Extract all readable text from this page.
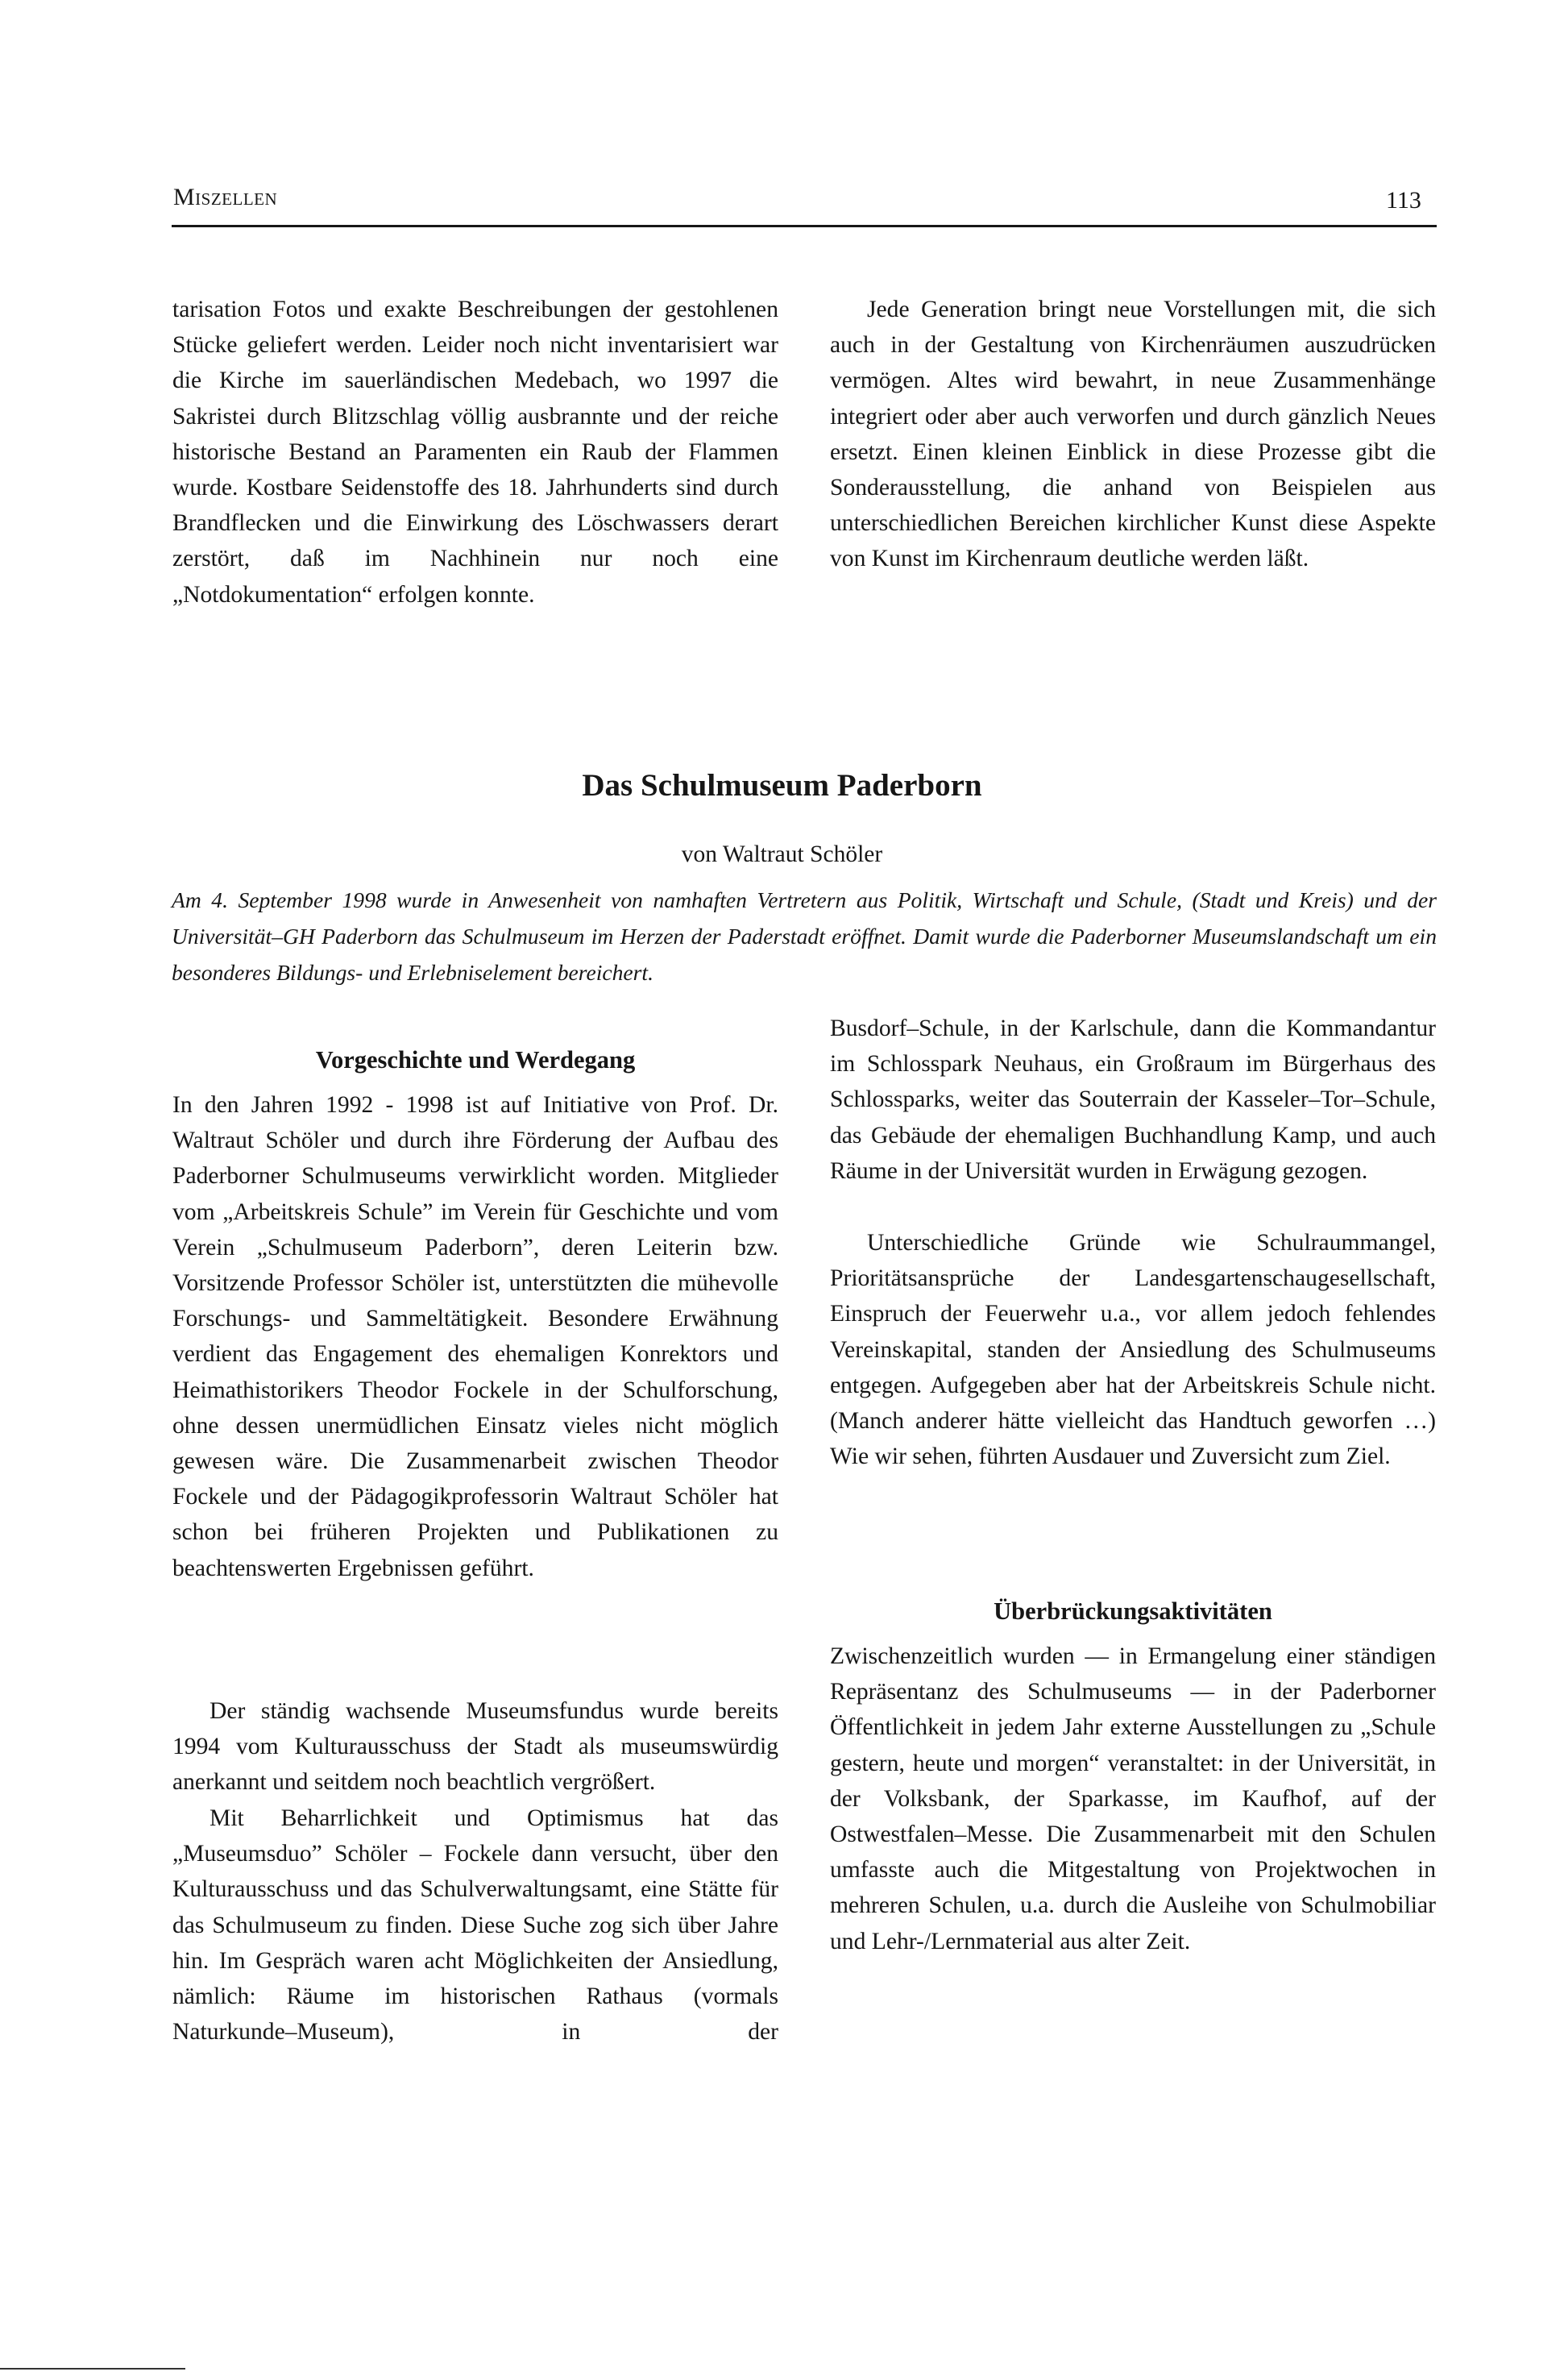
Miszellen	113

tarisation Fotos und exakte Beschreibungen der gestohlenen Stücke geliefert werden. Leider noch nicht inventarisiert war die Kirche im sauerländischen Medebach, wo 1997 die Sakristei durch Blitzschlag völlig ausbrannte und der reiche historische Bestand an Paramenten ein Raub der Flammen wurde. Kostbare Seidenstoffe des 18. Jahrhunderts sind durch Brandflecken und die Einwirkung des Löschwassers derart zerstört, daß im Nachhinein nur noch eine „Notdokumentation“ erfolgen konnte.

Jede Generation bringt neue Vorstellungen mit, die sich auch in der Gestaltung von Kirchenräumen auszudrücken vermögen. Altes wird bewahrt, in neue Zusammenhänge integriert oder aber auch verworfen und durch gänzlich Neues ersetzt. Einen kleinen Einblick in diese Prozesse gibt die Sonderausstellung, die anhand von Beispielen aus unterschiedlichen Bereichen kirchlicher Kunst diese Aspekte von Kunst im Kirchenraum deutliche werden läßt.

Das Schulmuseum Paderborn
von Waltraut Schöler

Am 4. September 1998 wurde in Anwesenheit von namhaften Vertretern aus Politik, Wirtschaft und Schule, (Stadt und Kreis) und der Universität–GH Paderborn das Schulmuseum im Herzen der Paderstadt eröffnet. Damit wurde die Paderborner Museumslandschaft um ein besonderes Bildungs- und Erlebniselement bereichert.

Vorgeschichte und Werdegang

In den Jahren 1992 - 1998 ist auf Initiative von Prof. Dr. Waltraut Schöler und durch ihre Förderung der Aufbau des Paderborner Schulmuseums verwirklicht worden. Mitglieder vom „Arbeitskreis Schule” im Verein für Geschichte und vom Verein „Schulmuseum Paderborn”, deren Leiterin bzw. Vorsitzende Professor Schöler ist, unterstützten die mühevolle Forschungs- und Sammeltätigkeit. Besondere Erwähnung verdient das Engagement des ehemaligen Konrektors und Heimathistorikers Theodor Fockele in der Schulforschung, ohne dessen unermüdlichen Einsatz vieles nicht möglich gewesen wäre. Die Zusammenarbeit zwischen Theodor Fockele und der Pädagogikprofessorin Waltraut Schöler hat schon bei früheren Projekten und Publikationen zu beachtenswerten Ergebnissen geführt.

Der ständig wachsende Museumsfundus wurde bereits 1994 vom Kulturausschuss der Stadt als museumswürdig anerkannt und seitdem noch beachtlich vergrößert.

Mit Beharrlichkeit und Optimismus hat das „Museumsduo” Schöler – Fockele dann versucht, über den Kulturausschuss und das Schulverwaltungsamt, eine Stätte für das Schulmuseum zu finden. Diese Suche zog sich über Jahre hin. Im Gespräch waren acht Möglichkeiten der Ansiedlung, nämlich: Räume im historischen Rathaus (vormals Naturkunde–Museum), in der

Busdorf–Schule, in der Karlschule, dann die Kommandantur im Schlosspark Neuhaus, ein Großraum im Bürgerhaus des Schlossparks, weiter das Souterrain der Kasseler–Tor–Schule, das Gebäude der ehemaligen Buchhandlung Kamp, und auch Räume in der Universität wurden in Erwägung gezogen.

Unterschiedliche Gründe wie Schulraummangel, Prioritätsansprüche der Landesgartenschaugesellschaft, Einspruch der Feuerwehr u.a., vor allem jedoch fehlendes Vereinskapital, standen der Ansiedlung des Schulmuseums entgegen. Aufgegeben aber hat der Arbeitskreis Schule nicht. (Manch anderer hätte vielleicht das Handtuch geworfen …) Wie wir sehen, führten Ausdauer und Zuversicht zum Ziel.

Überbrückungsaktivitäten

Zwischenzeitlich wurden — in Ermangelung einer ständigen Repräsentanz des Schulmuseums — in der Paderborner Öffentlichkeit in jedem Jahr externe Ausstellungen zu „Schule gestern, heute und morgen“ veranstaltet: in der Universität, in der Volksbank, der Sparkasse, im Kaufhof, auf der Ostwestfalen–Messe. Die Zusammenarbeit mit den Schulen umfasste auch die Mitgestaltung von Projektwochen in mehreren Schulen, u.a. durch die Ausleihe von Schulmobiliar und Lehr-/Lernmaterial aus alter Zeit.
